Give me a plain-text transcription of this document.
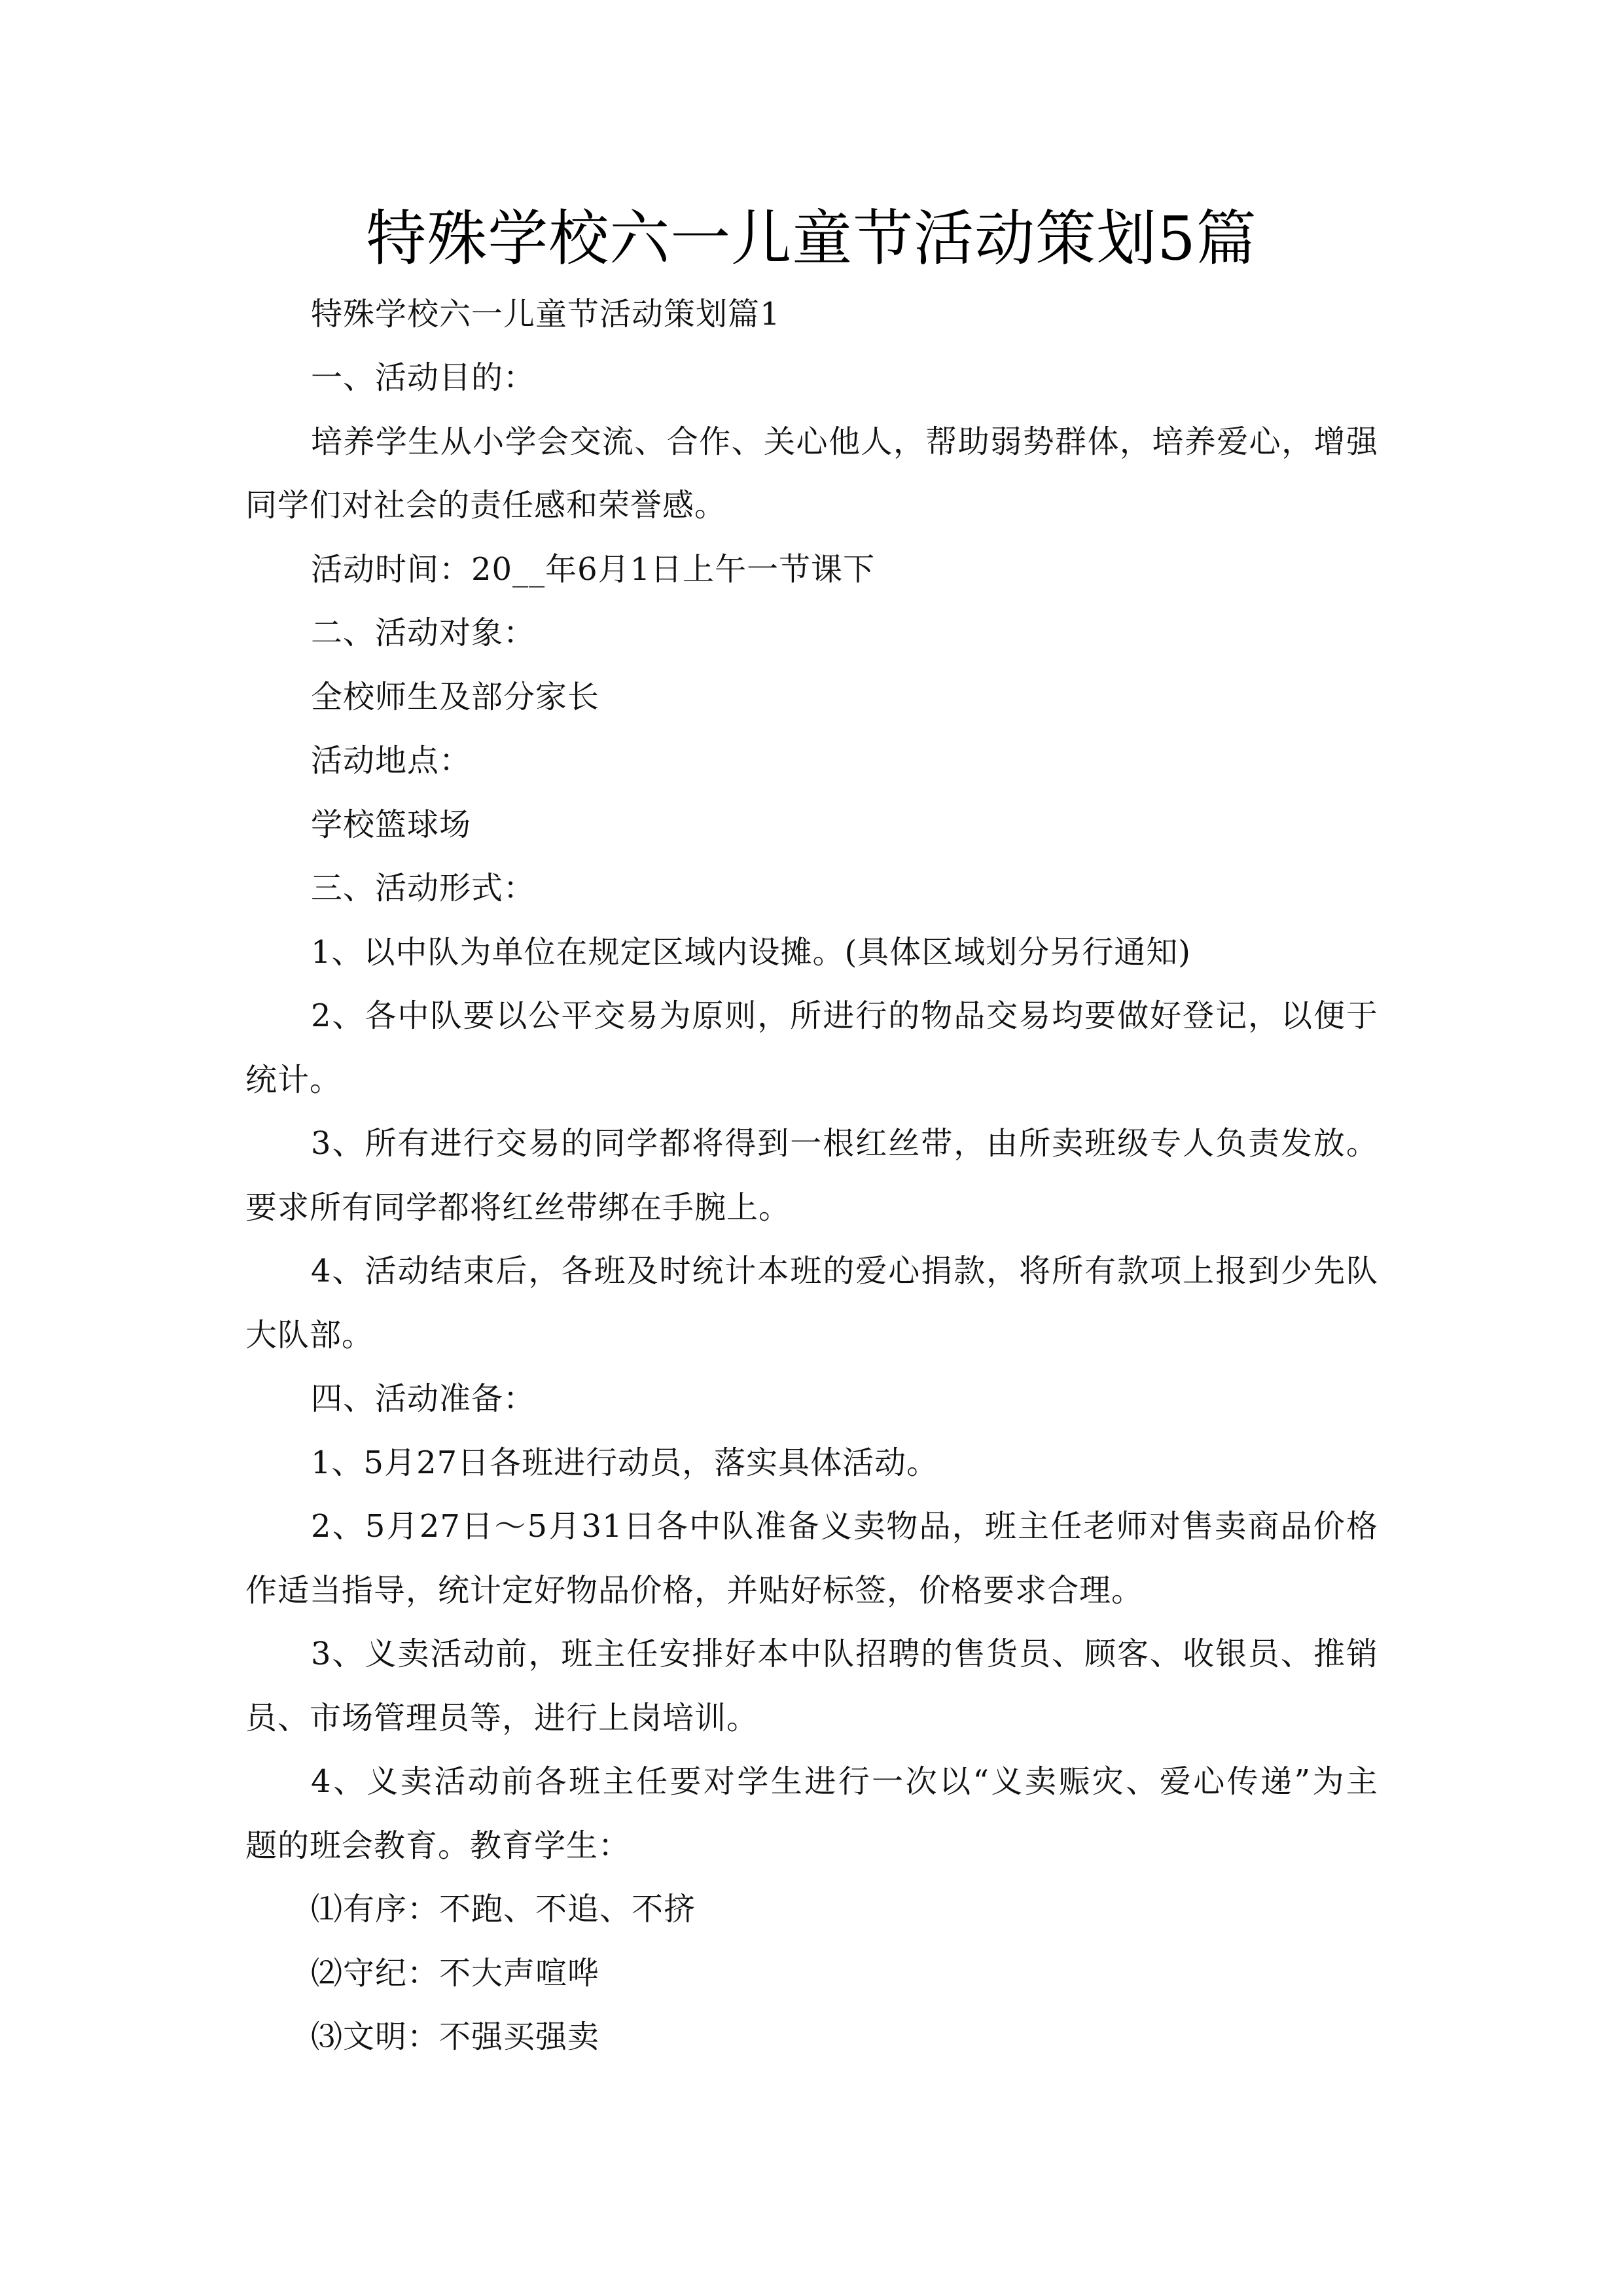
特殊学校六一儿童节活动策划5篇
特殊学校六一儿童节活动策划篇1
一、活动目的：
培养学生从小学会交流、合作、关心他人，帮助弱势群体，培养爱心，增强
同学们对社会的责任感和荣誉感。
活动时间：20__年6月1日上午一节课下
二、活动对象：
全校师生及部分家长
活动地点：
学校篮球场
三、活动形式：
1、以中队为单位在规定区域内设摊。(具体区域划分另行通知)
2、各中队要以公平交易为原则，所进行的物品交易均要做好登记，以便于
统计。
3、所有进行交易的同学都将得到一根红丝带，由所卖班级专人负责发放。
要求所有同学都将红丝带绑在手腕上。
4、活动结束后，各班及时统计本班的爱心捐款，将所有款项上报到少先队
大队部。
四、活动准备：
1、5月27日各班进行动员，落实具体活动。
2、5月27日～5月31日各中队准备义卖物品，班主任老师对售卖商品价格
作适当指导，统计定好物品价格，并贴好标签，价格要求合理。
3、义卖活动前，班主任安排好本中队招聘的售货员、顾客、收银员、推销
员、市场管理员等，进行上岗培训。
4、义卖活动前各班主任要对学生进行一次以“义卖赈灾、爱心传递”为主
题的班会教育。教育学生：
⑴有序：不跑、不追、不挤
⑵守纪：不大声喧哗
⑶文明：不强买强卖
